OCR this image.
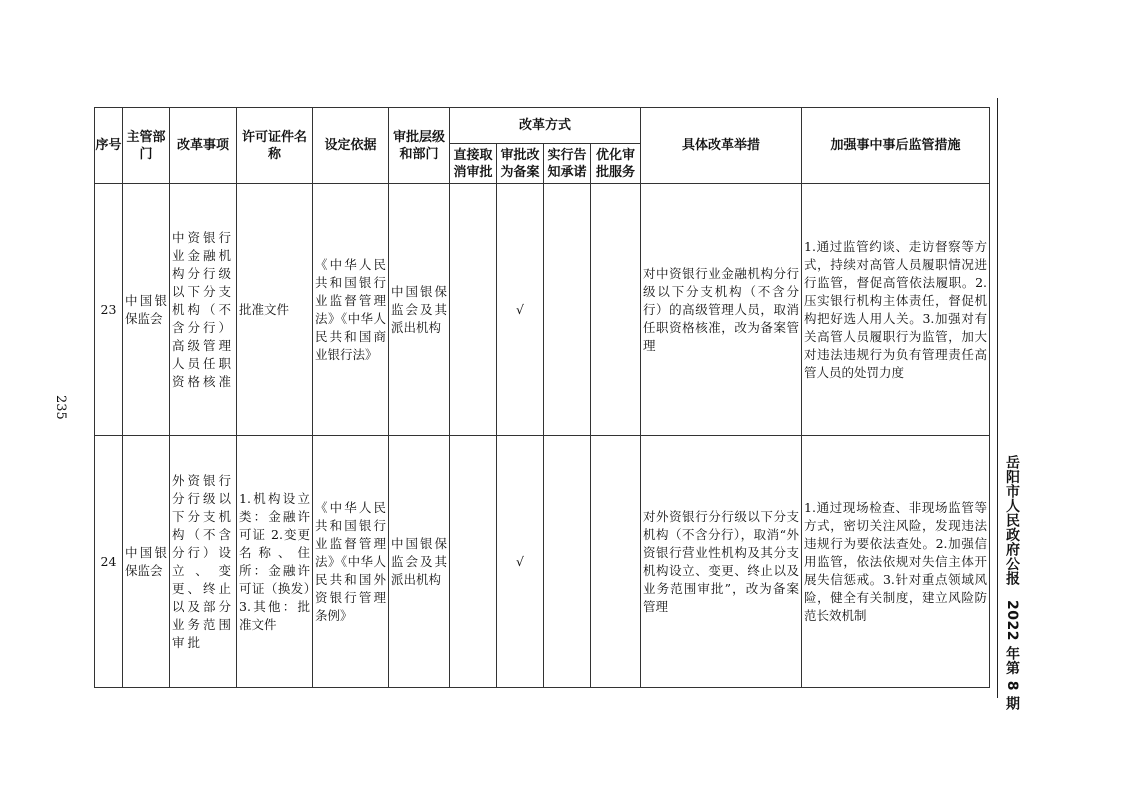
235
岳阳市人民政府公报2022 年第 8 期
序号	主管部门	改革事项	许可证件名称	设定依据	审批层级和部门	改革方式				具体改革举措	加强事中事后监管措施
						直接取消审批	审批改为备案	实行告知承诺	优化审批服务		
23	中国银保监会	中资银行业金融机构分行级以下分支机构（不含分行）高级管理人员任职资格核准	批准文件	《中华人民共和国银行业监督管理法》《中华人民共和国商业银行法》	中国银保监会及其派出机构		√			对中资银行业金融机构分行级以下分支机构（不含分行）的高级管理人员，取消任职资格核准，改为备案管理	1.通过监管约谈、走访督察等方式，持续对高管人员履职情况进行监管，督促高管依法履职。2.压实银行机构主体责任，督促机构把好选人用人关。3.加强对有关高管人员履职行为监管，加大对违法违规行为负有管理责任高管人员的处罚力度
24	中国银保监会	外资银行分行级以下分支机构（不含分行）设立、变更、终止以及部分业务范围审批	1.机构设立类：金融许可证 2.变更名称、住所：金融许可证（换发）3.其他：批准文件	《中华人民共和国银行业监督管理法》《中华人民共和国外资银行管理条例》	中国银保监会及其派出机构		√			对外资银行分行级以下分支机构（不含分行），取消“外资银行营业性机构及其分支机构设立、变更、终止以及业务范围审批”，改为备案管理	1.通过现场检查、非现场监管等方式，密切关注风险，发现违法违规行为要依法查处。2.加强信用监管，依法依规对失信主体开展失信惩戒。3.针对重点领域风险，健全有关制度，建立风险防范长效机制
